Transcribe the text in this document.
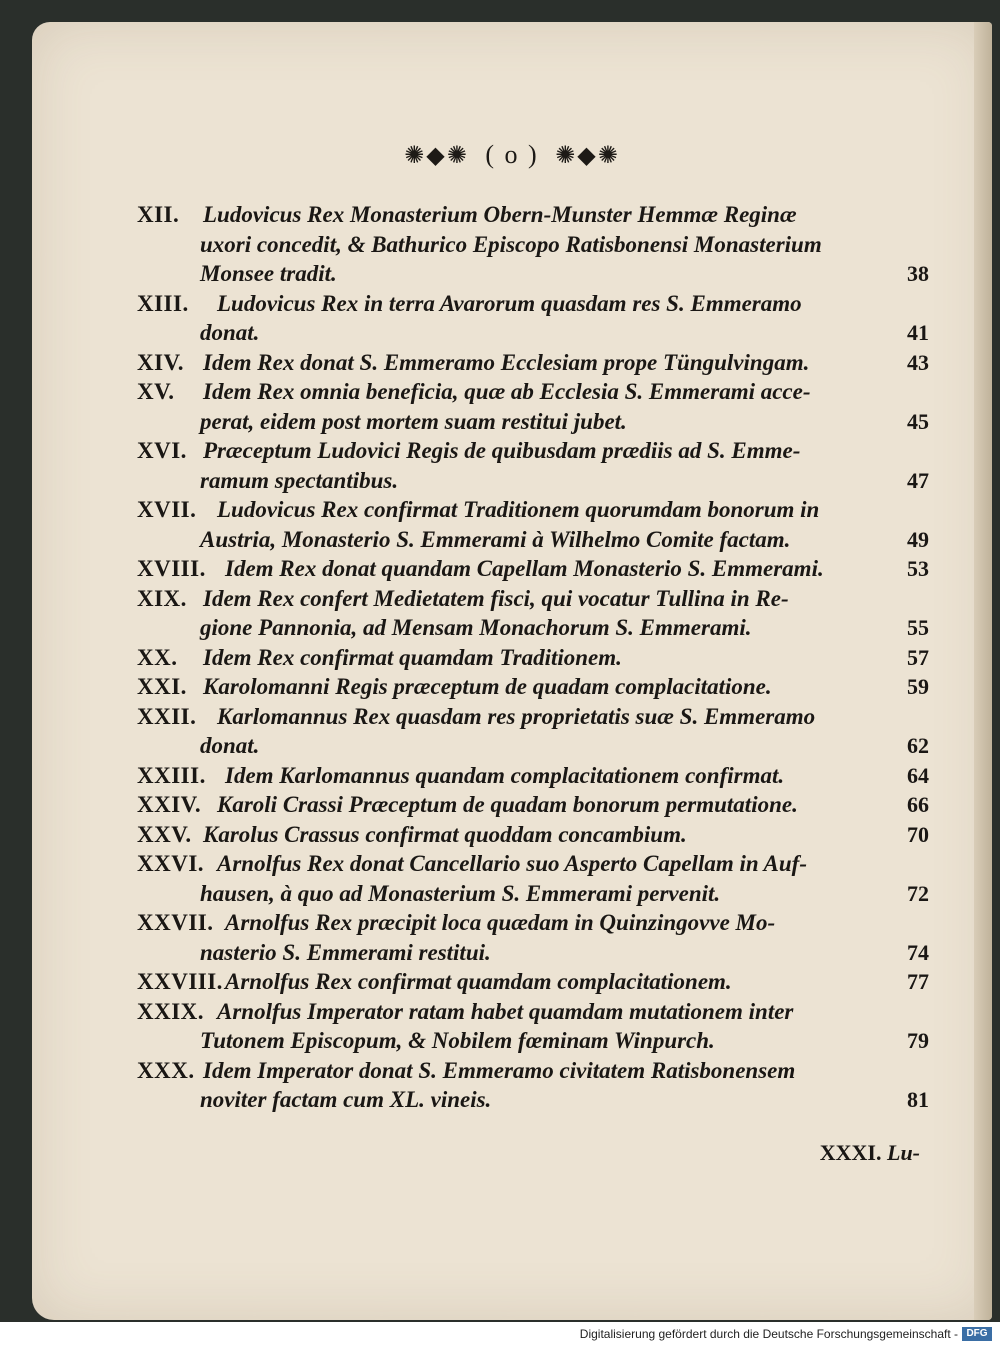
✺◆✺ ( o ) ✺◆✺
XII. Ludovicus Rex Monasterium Obern-Munster Hemmæ Reginæ
uxori concedit, & Bathurico Episcopo Ratisbonensi Monasterium
Monsee tradit.	38
XIII. Ludovicus Rex in terra Avarorum quasdam res S. Emmeramo
donat.	41
XIV. Idem Rex donat S. Emmeramo Ecclesiam prope Tüngulvingam.	43
XV. Idem Rex omnia beneficia, quæ ab Ecclesia S. Emmerami acce-
perat, eidem post mortem suam restitui jubet.	45
XVI. Præceptum Ludovici Regis de quibusdam prædiis ad S. Emme-
ramum spectantibus.	47
XVII. Ludovicus Rex confirmat Traditionem quorumdam bonorum in
Austria, Monasterio S. Emmerami à Wilhelmo Comite factam.	49
XVIII. Idem Rex donat quandam Capellam Monasterio S. Emmerami.	53
XIX. Idem Rex confert Medietatem fisci, qui vocatur Tullina in Re-
gione Pannonia, ad Mensam Monachorum S. Emmerami.	55
XX. Idem Rex confirmat quamdam Traditionem.	57
XXI. Karolomanni Regis præceptum de quadam complacitatione.	59
XXII. Karlomannus Rex quasdam res proprietatis suæ S. Emmeramo
donat.	62
XXIII. Idem Karlomannus quandam complacitationem confirmat.	64
XXIV. Karoli Crassi Præceptum de quadam bonorum permutatione.	66
XXV. Karolus Crassus confirmat quoddam concambium.	70
XXVI. Arnolfus Rex donat Cancellario suo Asperto Capellam in Auf-
hausen, à quo ad Monasterium S. Emmerami pervenit.	72
XXVII. Arnolfus Rex præcipit loca quædam in Quinzingovve Mo-
nasterio S. Emmerami restitui.	74
XXVIII. Arnolfus Rex confirmat quamdam complacitationem.	77
XXIX. Arnolfus Imperator ratam habet quamdam mutationem inter
Tutonem Episcopum, & Nobilem fœminam Winpurch.	79
XXX. Idem Imperator donat S. Emmeramo civitatem Ratisbonensem
noviter factam cum XL. vineis.	81
XXXI. Lu-
Digitalisierung gefördert durch die Deutsche Forschungsgemeinschaft - DFG
